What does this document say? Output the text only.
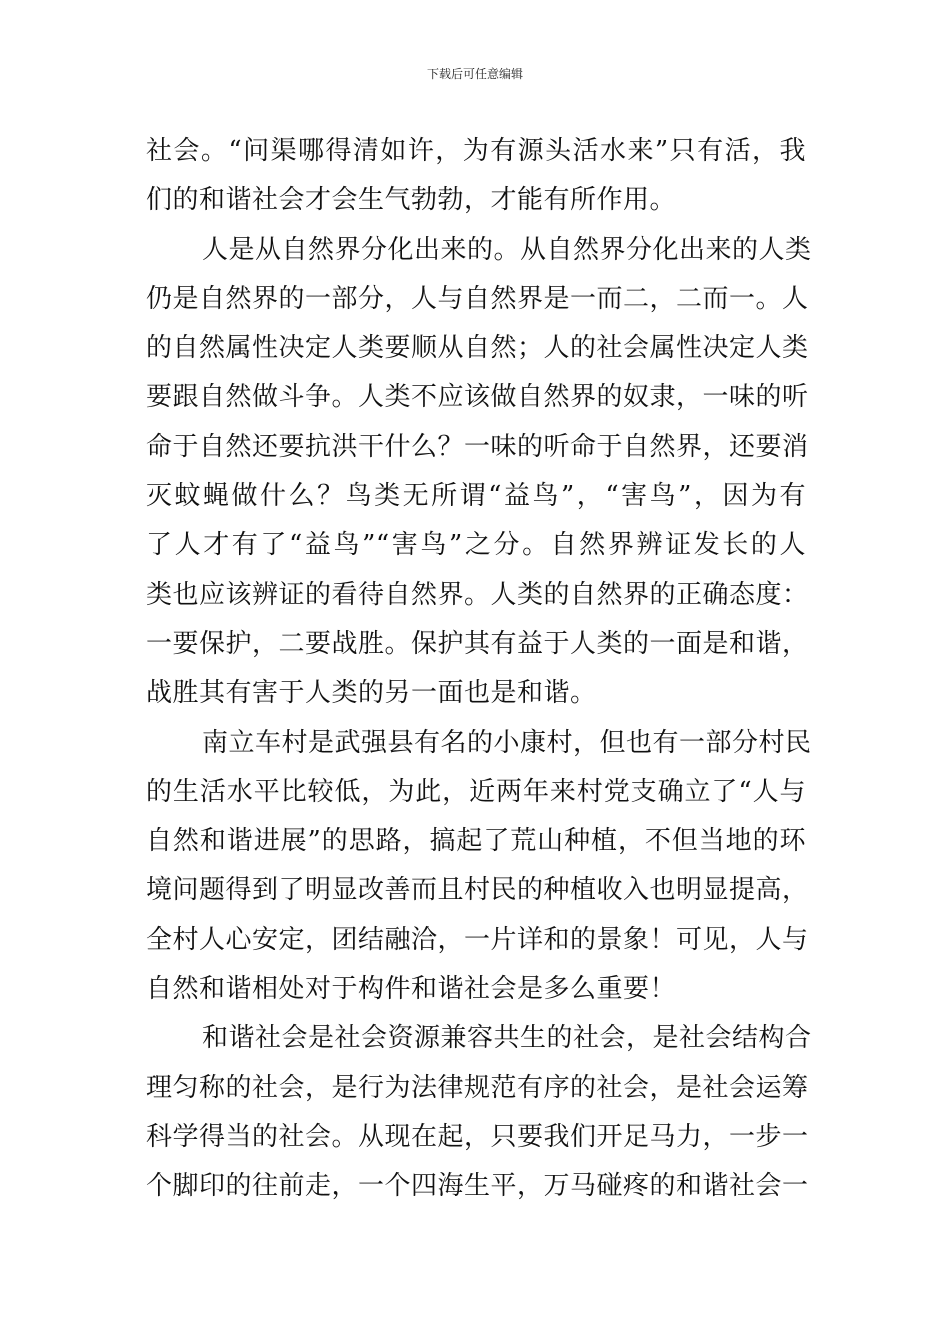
下载后可任意编辑
社会。“问渠哪得清如许，为有源头活水来”只有活，我
们的和谐社会才会生气勃勃，才能有所作用。
人是从自然界分化出来的。从自然界分化出来的人类
仍是自然界的一部分，人与自然界是一而二，二而一。人
的自然属性决定人类要顺从自然；人的社会属性决定人类
要跟自然做斗争。人类不应该做自然界的奴隶，一味的听
命于自然还要抗洪干什么？一味的听命于自然界，还要消
灭蚊蝇做什么？鸟类无所谓“益鸟”，“害鸟”，因为有
了人才有了“益鸟”“害鸟”之分。自然界辨证发长的人
类也应该辨证的看待自然界。人类的自然界的正确态度：
一要保护，二要战胜。保护其有益于人类的一面是和谐，
战胜其有害于人类的另一面也是和谐。
南立车村是武强县有名的小康村，但也有一部分村民
的生活水平比较低，为此，近两年来村党支确立了“人与
自然和谐进展”的思路，搞起了荒山种植，不但当地的环
境问题得到了明显改善而且村民的种植收入也明显提高，
全村人心安定，团结融洽，一片详和的景象！可见，人与
自然和谐相处对于构件和谐社会是多么重要！
和谐社会是社会资源兼容共生的社会，是社会结构合
理匀称的社会，是行为法律规范有序的社会，是社会运筹
科学得当的社会。从现在起，只要我们开足马力，一步一
个脚印的往前走，一个四海生平，万马碰疼的和谐社会一
